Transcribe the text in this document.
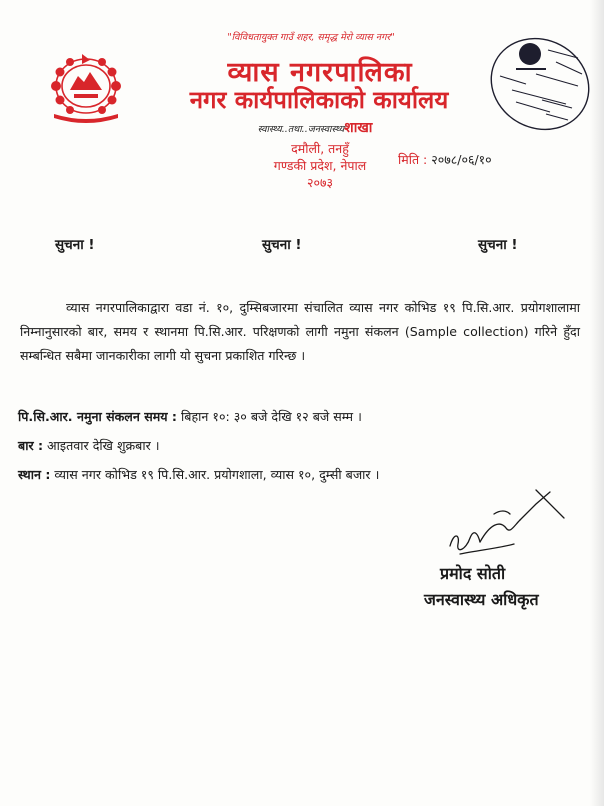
"विविधतायुक्त गाउँ शहर, समृद्ध मेरो व्यास नगर"
व्यास नगरपालिका
नगर कार्यपालिकाको कार्यालय
स्वास्थ्य..तथा..जनस्वास्थ्यशाखा
दमौली, तनहुँ
गण्डकी प्रदेश, नेपाल
२०७३
मिति : २०७८/०६/१०
सुचना !	सुचना !	सुचना !
व्यास नगरपालिकाद्वारा वडा नं. १०, दुम्सिबजारमा संचालित व्यास नगर कोभिड १९ पि.सि.आर. प्रयोगशालामा निम्नानुसारको बार, समय र स्थानमा पि.सि.आर. परिक्षणको लागी नमुना संकलन (Sample collection) गरिने हुँदा सम्बन्धित सबैमा जानकारीका लागी यो सुचना प्रकाशित गरिन्छ ।
पि.सि.आर. नमुना संकलन समय : बिहान १०: ३० बजे देखि १२ बजे सम्म ।
बार : आइतवार देखि शुक्रबार ।
स्थान : व्यास नगर कोभिड १९ पि.सि.आर. प्रयोगशाला, व्यास १०, दुम्सी बजार ।
प्रमोद सोती
जनस्वास्थ्य अधिकृत
